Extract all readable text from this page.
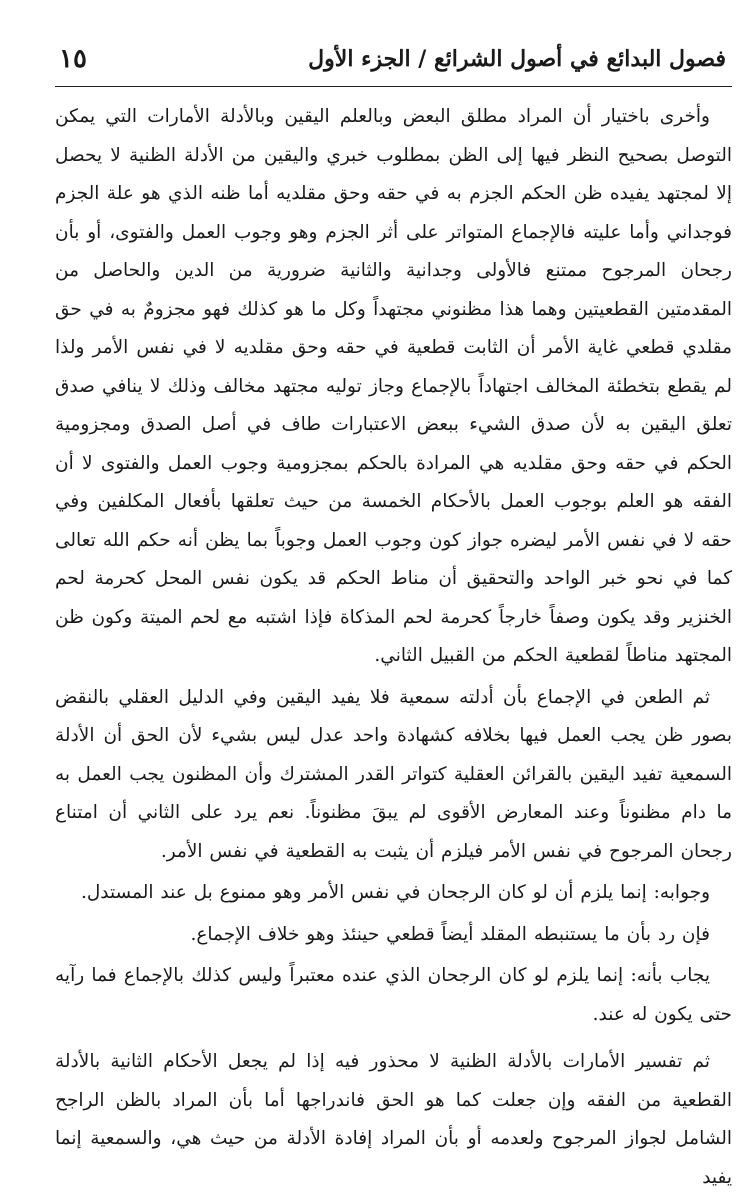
فصول البدائع في أصول الشرائع / الجزء الأول
١٥

وأخرى باختيار أن المراد مطلق البعض وبالعلم اليقين وبالأدلة الأمارات التي يمكن التوصل بصحيح النظر فيها إلى الظن بمطلوب خبري واليقين من الأدلة الظنية لا يحصل إلا لمجتهد يفيده ظن الحكم الجزم به في حقه وحق مقلديه أما ظنه الذي هو علة الجزم فوجداني وأما عليته فالإجماع المتواتر على أثر الجزم وهو وجوب العمل والفتوى، أو بأن رجحان المرجوح ممتنع فالأولى وجدانية والثانية ضرورية من الدين والحاصل من المقدمتين القطعيتين وهما هذا مظنوني مجتهداً وكل ما هو كذلك فهو مجزومٌ به في حق مقلدي قطعي غاية الأمر أن الثابت قطعية في حقه وحق مقلديه لا في نفس الأمر ولذا لم يقطع بتخطئة المخالف اجتهاداً بالإجماع وجاز توليه مجتهد مخالف وذلك لا ينافي صدق تعلق اليقين به لأن صدق الشيء ببعض الاعتبارات طاف في أصل الصدق ومجزومية الحكم في حقه وحق مقلديه هي المرادة بالحكم بمجزومية وجوب العمل والفتوى لا أن الفقه هو العلم بوجوب العمل بالأحكام الخمسة من حيث تعلقها بأفعال المكلفين وفي حقه لا في نفس الأمر ليضره جواز كون وجوب العمل وجوباً بما يظن أنه حكم الله تعالى كما في نحو خبر الواحد والتحقيق أن مناط الحكم قد يكون نفس المحل كحرمة لحم الخنزير وقد يكون وصفاً خارجاً كحرمة لحم المذكاة فإذا اشتبه مع لحم الميتة وكون ظن المجتهد مناطاً لقطعية الحكم من القبيل الثاني.

ثم الطعن في الإجماع بأن أدلته سمعية فلا يفيد اليقين وفي الدليل العقلي بالنقض بصور ظن يجب العمل فيها بخلافه كشهادة واحد عدل ليس بشيء لأن الحق أن الأدلة السمعية تفيد اليقين بالقرائن العقلية كتواتر القدر المشترك وأن المظنون يجب العمل به ما دام مظنوناً وعند المعارض الأقوى لم يبقَ مظنوناً. نعم يرد على الثاني أن امتناع رجحان المرجوح في نفس الأمر فيلزم أن يثبت به القطعية في نفس الأمر.

وجوابه: إنما يلزم أن لو كان الرجحان في نفس الأمر وهو ممنوع بل عند المستدل.

فإن رد بأن ما يستنبطه المقلد أيضاً قطعي حينئذ وهو خلاف الإجماع.

يجاب بأنه: إنما يلزم لو كان الرجحان الذي عنده معتبراً وليس كذلك بالإجماع فما رآيه حتى يكون له عند.

ثم تفسير الأمارات بالأدلة الظنية لا محذور فيه إذا لم يجعل الأحكام الثانية بالأدلة القطعية من الفقه وإن جعلت كما هو الحق فاندراجها أما بأن المراد بالظن الراجح الشامل لجواز المرجوح ولعدمه أو بأن المراد إفادة الأدلة من حيث هي، والسمعية إنما يفيد
